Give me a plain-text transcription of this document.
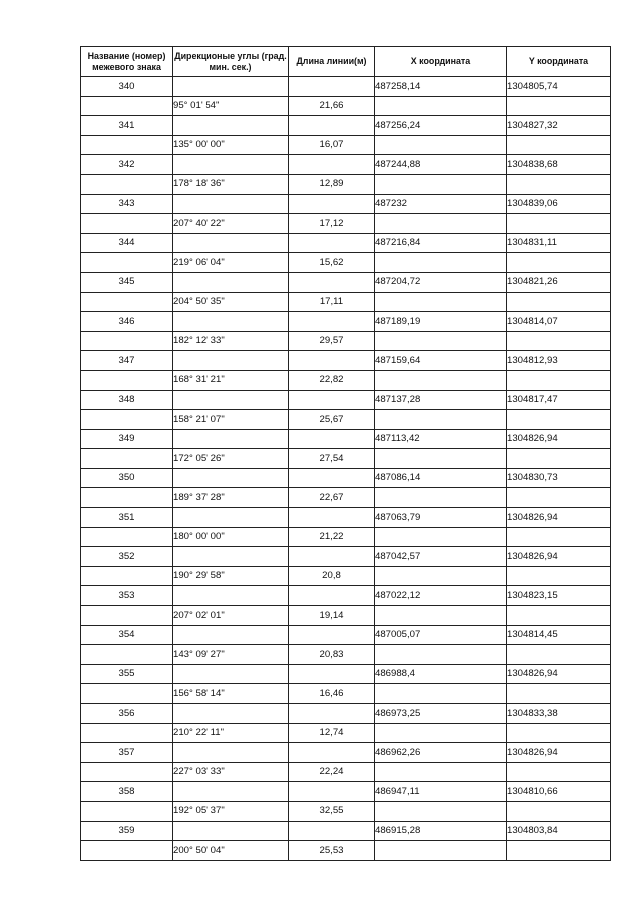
Название (номер) межевого знака	Дирекционые углы (град. мин. сек.)	Длина линии(м)	X координата	Y координата
340			487258,14	1304805,74
	95° 01' 54"	21,66		
341			487256,24	1304827,32
	135° 00' 00"	16,07		
342			487244,88	1304838,68
	178° 18' 36"	12,89		
343			487232	1304839,06
	207° 40' 22"	17,12		
344			487216,84	1304831,11
	219° 06' 04"	15,62		
345			487204,72	1304821,26
	204° 50' 35"	17,11		
346			487189,19	1304814,07
	182° 12' 33"	29,57		
347			487159,64	1304812,93
	168° 31' 21"	22,82		
348			487137,28	1304817,47
	158° 21' 07"	25,67		
349			487113,42	1304826,94
	172° 05' 26"	27,54		
350			487086,14	1304830,73
	189° 37' 28"	22,67		
351			487063,79	1304826,94
	180° 00' 00"	21,22		
352			487042,57	1304826,94
	190° 29' 58"	20,8		
353			487022,12	1304823,15
	207° 02' 01"	19,14		
354			487005,07	1304814,45
	143° 09' 27"	20,83		
355			486988,4	1304826,94
	156° 58' 14"	16,46		
356			486973,25	1304833,38
	210° 22' 11"	12,74		
357			486962,26	1304826,94
	227° 03' 33"	22,24		
358			486947,11	1304810,66
	192° 05' 37"	32,55		
359			486915,28	1304803,84
	200° 50' 04"	25,53		
